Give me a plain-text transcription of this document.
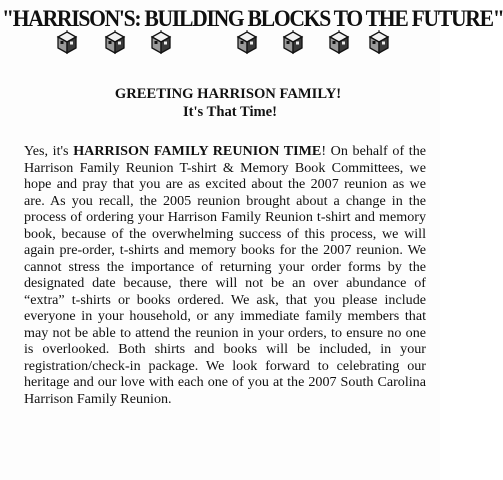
"HARRISON'S: BUILDING BLOCKS TO THE FUTURE"
GREETING HARRISON FAMILY!
It's That Time!

Yes, it's HARRISON FAMILY REUNION TIME! On behalf of the Harrison Family Reunion T-shirt & Memory Book Committees, we hope and pray that you are as excited about the 2007 reunion as we are. As you recall, the 2005 reunion brought about a change in the process of ordering your Harrison Family Reunion t-shirt and memory book, because of the overwhelming success of this process, we will again pre-order, t-shirts and memory books for the 2007 reunion. We cannot stress the importance of returning your order forms by the designated date because, there will not be an over abundance of “extra” t-shirts or books ordered. We ask, that you please include everyone in your household, or any immediate family members that may not be able to attend the reunion in your orders, to ensure no one is overlooked. Both shirts and books will be included, in your registration/check-in package. We look forward to celebrating our heritage and our love with each one of you at the 2007 South Carolina Harrison Family Reunion.
